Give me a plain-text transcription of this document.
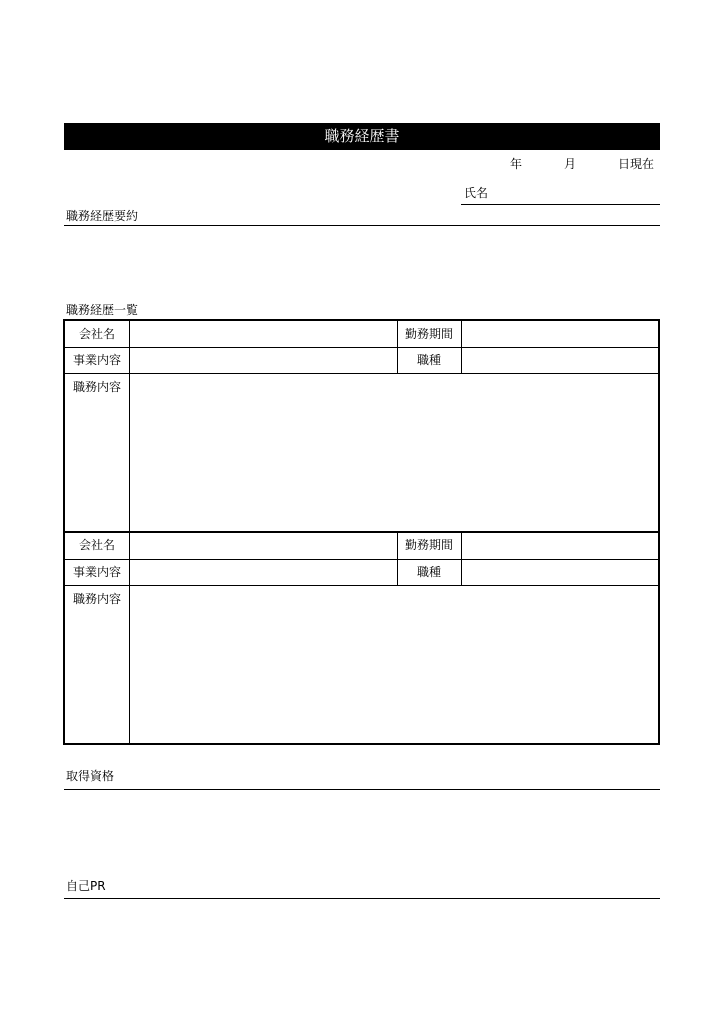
職務経歴書
年	月	日現在
氏名
職務経歴要約
職務経歴一覧
会社名	勤務期間
事業内容	職種
職務内容
会社名	勤務期間
事業内容	職種
職務内容
取得資格
自己PR
